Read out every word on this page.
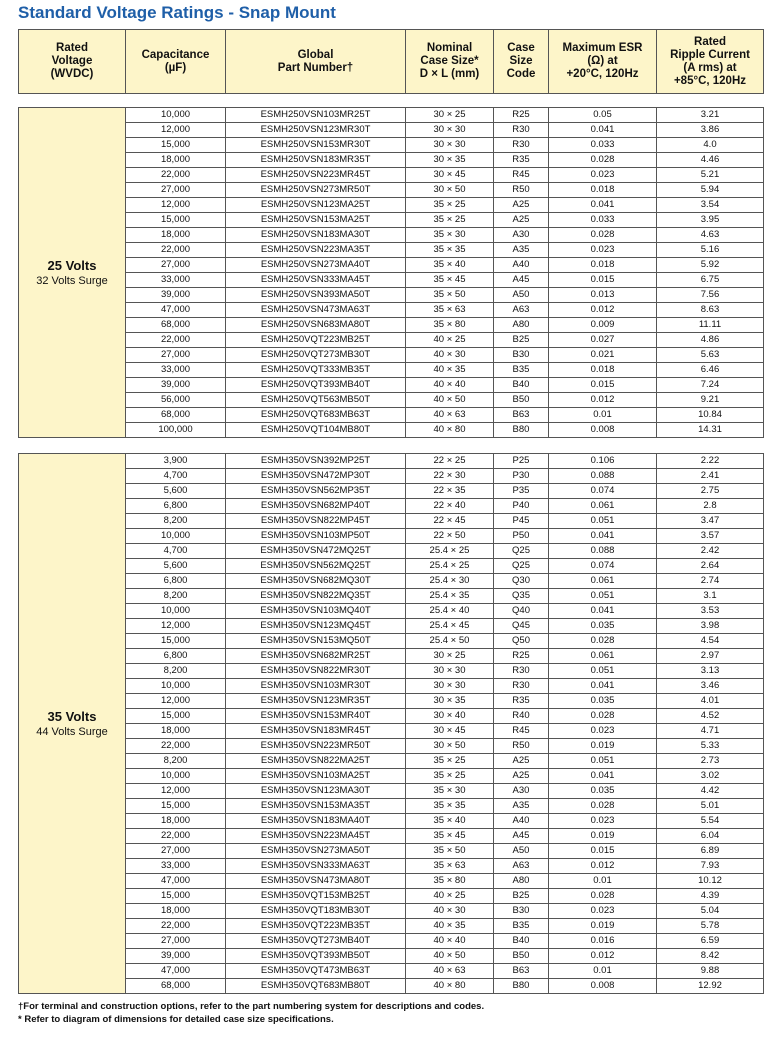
Standard Voltage Ratings - Snap Mount
Rated
Voltage
(WVDC)	Capacitance
(µF)	Global
Part Number†	Nominal
Case Size*
D × L (mm)	Case
Size
Code	Maximum ESR
(Ω) at
+20°C, 120Hz	Rated
Ripple Current
(A rms) at
+85°C, 120Hz
25 Volts
32 Volts Surge	10,000	ESMH250VSN103MR25T	30 × 25	R25	0.05	3.21
	12,000	ESMH250VSN123MR30T	30 × 30	R30	0.041	3.86
	15,000	ESMH250VSN153MR30T	30 × 30	R30	0.033	4.0
	18,000	ESMH250VSN183MR35T	30 × 35	R35	0.028	4.46
	22,000	ESMH250VSN223MR45T	30 × 45	R45	0.023	5.21
	27,000	ESMH250VSN273MR50T	30 × 50	R50	0.018	5.94
	12,000	ESMH250VSN123MA25T	35 × 25	A25	0.041	3.54
	15,000	ESMH250VSN153MA25T	35 × 25	A25	0.033	3.95
	18,000	ESMH250VSN183MA30T	35 × 30	A30	0.028	4.63
	22,000	ESMH250VSN223MA35T	35 × 35	A35	0.023	5.16
	27,000	ESMH250VSN273MA40T	35 × 40	A40	0.018	5.92
	33,000	ESMH250VSN333MA45T	35 × 45	A45	0.015	6.75
	39,000	ESMH250VSN393MA50T	35 × 50	A50	0.013	7.56
	47,000	ESMH250VSN473MA63T	35 × 63	A63	0.012	8.63
	68,000	ESMH250VSN683MA80T	35 × 80	A80	0.009	11.11
	22,000	ESMH250VQT223MB25T	40 × 25	B25	0.027	4.86
	27,000	ESMH250VQT273MB30T	40 × 30	B30	0.021	5.63
	33,000	ESMH250VQT333MB35T	40 × 35	B35	0.018	6.46
	39,000	ESMH250VQT393MB40T	40 × 40	B40	0.015	7.24
	56,000	ESMH250VQT563MB50T	40 × 50	B50	0.012	9.21
	68,000	ESMH250VQT683MB63T	40 × 63	B63	0.01	10.84
	100,000	ESMH250VQT104MB80T	40 × 80	B80	0.008	14.31
35 Volts
44 Volts Surge	3,900	ESMH350VSN392MP25T	22 × 25	P25	0.106	2.22
	4,700	ESMH350VSN472MP30T	22 × 30	P30	0.088	2.41
	5,600	ESMH350VSN562MP35T	22 × 35	P35	0.074	2.75
	6,800	ESMH350VSN682MP40T	22 × 40	P40	0.061	2.8
	8,200	ESMH350VSN822MP45T	22 × 45	P45	0.051	3.47
	10,000	ESMH350VSN103MP50T	22 × 50	P50	0.041	3.57
	4,700	ESMH350VSN472MQ25T	25.4 × 25	Q25	0.088	2.42
	5,600	ESMH350VSN562MQ25T	25.4 × 25	Q25	0.074	2.64
	6,800	ESMH350VSN682MQ30T	25.4 × 30	Q30	0.061	2.74
	8,200	ESMH350VSN822MQ35T	25.4 × 35	Q35	0.051	3.1
	10,000	ESMH350VSN103MQ40T	25.4 × 40	Q40	0.041	3.53
	12,000	ESMH350VSN123MQ45T	25.4 × 45	Q45	0.035	3.98
	15,000	ESMH350VSN153MQ50T	25.4 × 50	Q50	0.028	4.54
	6,800	ESMH350VSN682MR25T	30 × 25	R25	0.061	2.97
	8,200	ESMH350VSN822MR30T	30 × 30	R30	0.051	3.13
	10,000	ESMH350VSN103MR30T	30 × 30	R30	0.041	3.46
	12,000	ESMH350VSN123MR35T	30 × 35	R35	0.035	4.01
	15,000	ESMH350VSN153MR40T	30 × 40	R40	0.028	4.52
	18,000	ESMH350VSN183MR45T	30 × 45	R45	0.023	4.71
	22,000	ESMH350VSN223MR50T	30 × 50	R50	0.019	5.33
	8,200	ESMH350VSN822MA25T	35 × 25	A25	0.051	2.73
	10,000	ESMH350VSN103MA25T	35 × 25	A25	0.041	3.02
	12,000	ESMH350VSN123MA30T	35 × 30	A30	0.035	4.42
	15,000	ESMH350VSN153MA35T	35 × 35	A35	0.028	5.01
	18,000	ESMH350VSN183MA40T	35 × 40	A40	0.023	5.54
	22,000	ESMH350VSN223MA45T	35 × 45	A45	0.019	6.04
	27,000	ESMH350VSN273MA50T	35 × 50	A50	0.015	6.89
	33,000	ESMH350VSN333MA63T	35 × 63	A63	0.012	7.93
	47,000	ESMH350VSN473MA80T	35 × 80	A80	0.01	10.12
	15,000	ESMH350VQT153MB25T	40 × 25	B25	0.028	4.39
	18,000	ESMH350VQT183MB30T	40 × 30	B30	0.023	5.04
	22,000	ESMH350VQT223MB35T	40 × 35	B35	0.019	5.78
	27,000	ESMH350VQT273MB40T	40 × 40	B40	0.016	6.59
	39,000	ESMH350VQT393MB50T	40 × 50	B50	0.012	8.42
	47,000	ESMH350VQT473MB63T	40 × 63	B63	0.01	9.88
	68,000	ESMH350VQT683MB80T	40 × 80	B80	0.008	12.92
†For terminal and construction options, refer to the part numbering system for descriptions and codes.
* Refer to diagram of dimensions for detailed case size specifications.
